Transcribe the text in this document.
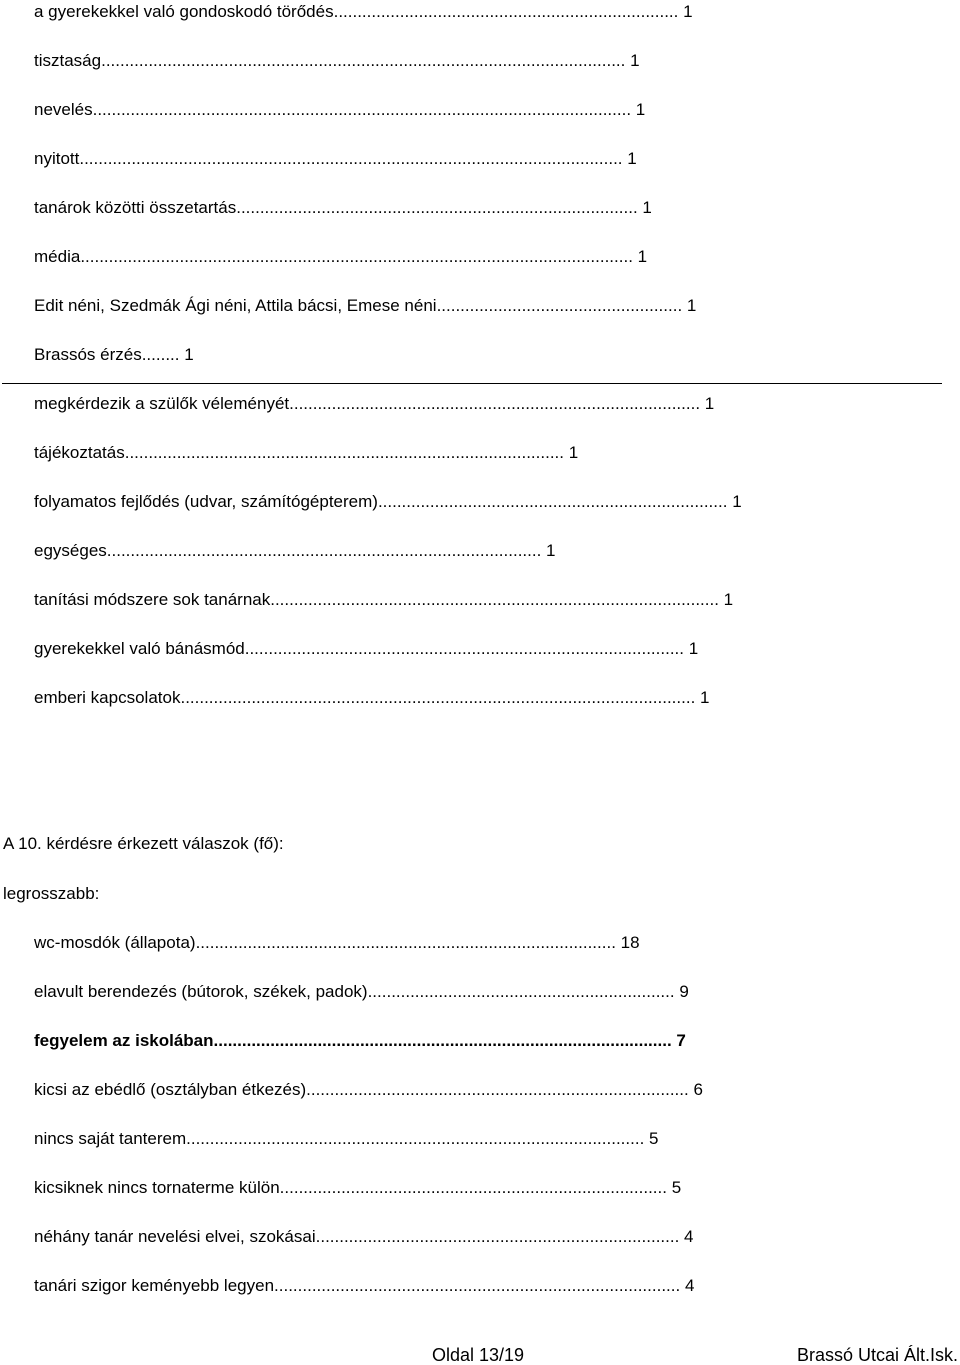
a gyerekekkel való gondoskodó törődés......................................................................... 1
tisztaság............................................................................................................... 1
nevelés.................................................................................................................. 1
nyitott................................................................................................................... 1
tanárok közötti összetartás..................................................................................... 1
média..................................................................................................................... 1
Edit néni, Szedmák Ági néni, Attila bácsi, Emese néni.................................................... 1
Brassós érzés........ 1
megkérdezik a szülők véleményét....................................................................................... 1
tájékoztatás............................................................................................. 1
folyamatos fejlődés (udvar, számítógépterem).......................................................................... 1
egységes............................................................................................ 1
tanítási módszere sok tanárnak............................................................................................... 1
gyerekekkel való bánásmód............................................................................................. 1
emberi kapcsolatok............................................................................................................. 1
A 10. kérdésre érkezett válaszok (fő):
legrosszabb:
wc-mosdók (állapota)......................................................................................... 18
elavult berendezés (bútorok, székek, padok)................................................................. 9
fegyelem az iskolában................................................................................................. 7
kicsi az ebédlő (osztályban étkezés)................................................................................. 6
nincs saját tanterem................................................................................................. 5
kicsiknek nincs tornaterme külön.................................................................................. 5
néhány tanár nevelési elvei, szokásai............................................................................. 4
tanári szigor keményebb legyen...................................................................................... 4
Oldal 13/19	Brassó Utcai Ált.Isk.
